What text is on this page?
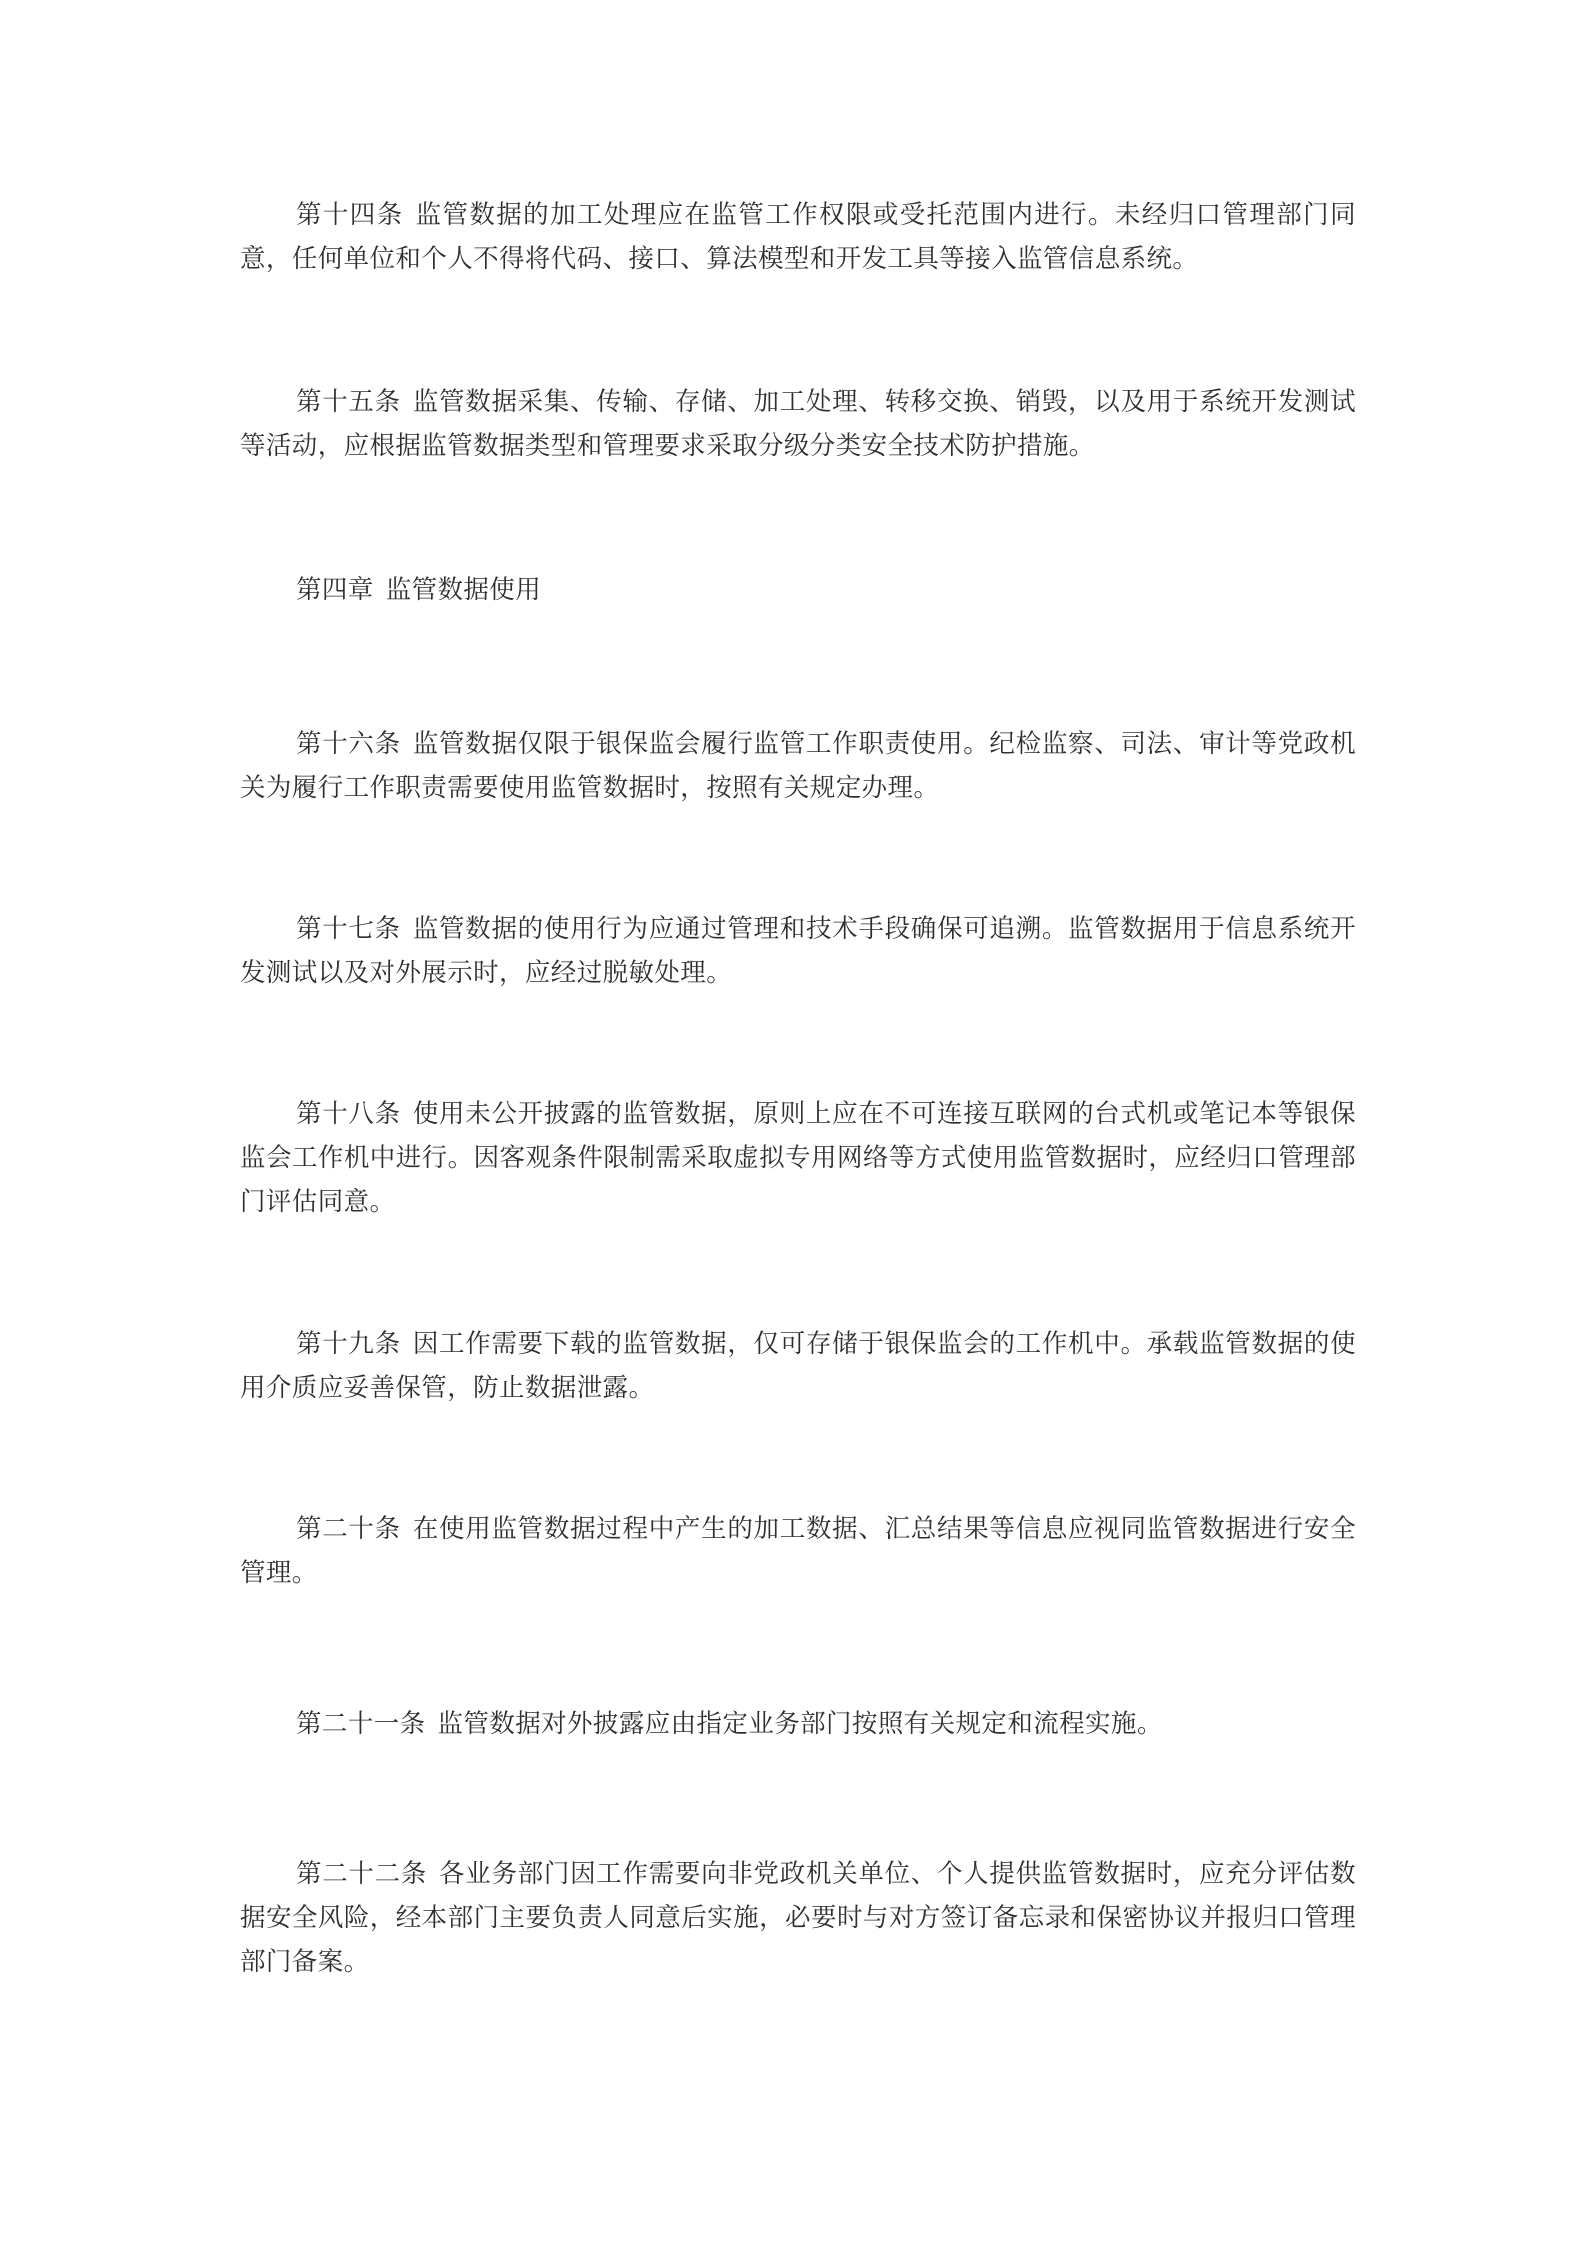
第十四条 监管数据的加工处理应在监管工作权限或受托范围内进行。未经归口管理部门同意，任何单位和个人不得将代码、接口、算法模型和开发工具等接入监管信息系统。

第十五条 监管数据采集、传输、存储、加工处理、转移交换、销毁，以及用于系统开发测试等活动，应根据监管数据类型和管理要求采取分级分类安全技术防护措施。

第四章 监管数据使用

第十六条 监管数据仅限于银保监会履行监管工作职责使用。纪检监察、司法、审计等党政机关为履行工作职责需要使用监管数据时，按照有关规定办理。

第十七条 监管数据的使用行为应通过管理和技术手段确保可追溯。监管数据用于信息系统开发测试以及对外展示时，应经过脱敏处理。

第十八条 使用未公开披露的监管数据，原则上应在不可连接互联网的台式机或笔记本等银保监会工作机中进行。因客观条件限制需采取虚拟专用网络等方式使用监管数据时，应经归口管理部门评估同意。

第十九条 因工作需要下载的监管数据，仅可存储于银保监会的工作机中。承载监管数据的使用介质应妥善保管，防止数据泄露。

第二十条 在使用监管数据过程中产生的加工数据、汇总结果等信息应视同监管数据进行安全管理。

第二十一条 监管数据对外披露应由指定业务部门按照有关规定和流程实施。

第二十二条 各业务部门因工作需要向非党政机关单位、个人提供监管数据时，应充分评估数据安全风险，经本部门主要负责人同意后实施，必要时与对方签订备忘录和保密协议并报归口管理部门备案。
